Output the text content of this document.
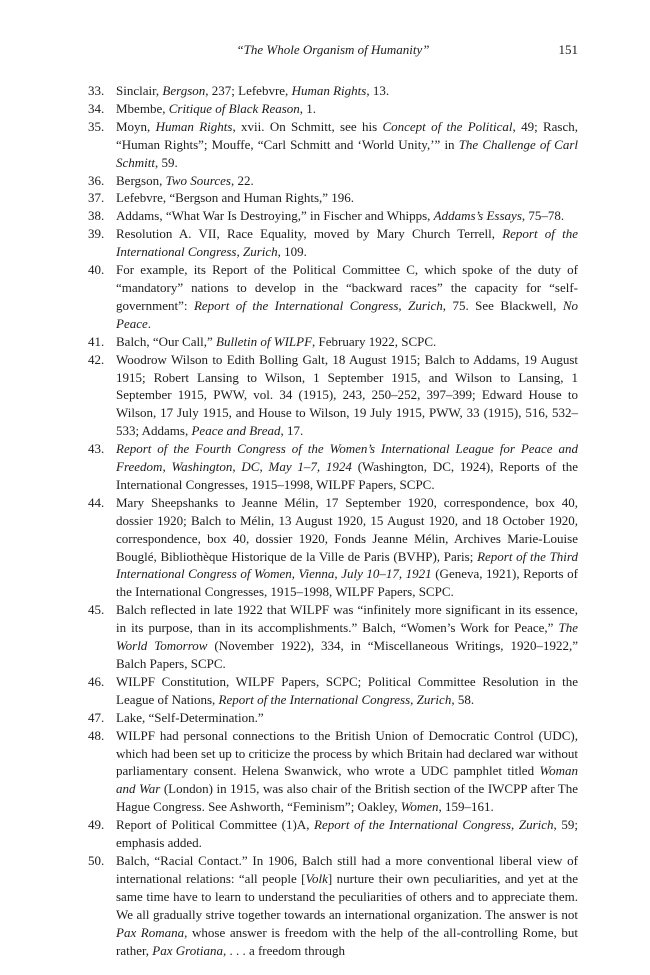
“The Whole Organism of Humanity”	151
33. Sinclair, Bergson, 237; Lefebvre, Human Rights, 13.
34. Mbembe, Critique of Black Reason, 1.
35. Moyn, Human Rights, xvii. On Schmitt, see his Concept of the Political, 49; Rasch, “Human Rights”; Mouffe, “Carl Schmitt and ‘World Unity,’” in The Challenge of Carl Schmitt, 59.
36. Bergson, Two Sources, 22.
37. Lefebvre, “Bergson and Human Rights,” 196.
38. Addams, “What War Is Destroying,” in Fischer and Whipps, Addams’s Essays, 75–78.
39. Resolution A. VII, Race Equality, moved by Mary Church Terrell, Report of the International Congress, Zurich, 109.
40. For example, its Report of the Political Committee C, which spoke of the duty of “mandatory” nations to develop in the “backward races” the capacity for “self-government”: Report of the International Congress, Zurich, 75. See Blackwell, No Peace.
41. Balch, “Our Call,” Bulletin of WILPF, February 1922, SCPC.
42. Woodrow Wilson to Edith Bolling Galt, 18 August 1915; Balch to Addams, 19 August 1915; Robert Lansing to Wilson, 1 September 1915, and Wilson to Lansing, 1 September 1915, PWW, vol. 34 (1915), 243, 250–252, 397–399; Edward House to Wilson, 17 July 1915, and House to Wilson, 19 July 1915, PWW, 33 (1915), 516, 532–533; Addams, Peace and Bread, 17.
43. Report of the Fourth Congress of the Women’s International League for Peace and Freedom, Washington, DC, May 1–7, 1924 (Washington, DC, 1924), Reports of the International Congresses, 1915–1998, WILPF Papers, SCPC.
44. Mary Sheepshanks to Jeanne Mélin, 17 September 1920, correspondence, box 40, dossier 1920; Balch to Mélin, 13 August 1920, 15 August 1920, and 18 October 1920, correspondence, box 40, dossier 1920, Fonds Jeanne Mélin, Archives Marie-Louise Bouglé, Bibliothèque Historique de la Ville de Paris (BVHP), Paris; Report of the Third International Congress of Women, Vienna, July 10–17, 1921 (Geneva, 1921), Reports of the International Congresses, 1915–1998, WILPF Papers, SCPC.
45. Balch reflected in late 1922 that WILPF was “infinitely more significant in its essence, in its purpose, than in its accomplishments.” Balch, “Women’s Work for Peace,” The World Tomorrow (November 1922), 334, in “Miscellaneous Writings, 1920–1922,” Balch Papers, SCPC.
46. WILPF Constitution, WILPF Papers, SCPC; Political Committee Resolution in the League of Nations, Report of the International Congress, Zurich, 58.
47. Lake, “Self-Determination.”
48. WILPF had personal connections to the British Union of Democratic Control (UDC), which had been set up to criticize the process by which Britain had declared war without parliamentary consent. Helena Swanwick, who wrote a UDC pamphlet titled Woman and War (London) in 1915, was also chair of the British section of the IWCPP after The Hague Congress. See Ashworth, “Feminism”; Oakley, Women, 159–161.
49. Report of Political Committee (1)A, Report of the International Congress, Zurich, 59; emphasis added.
50. Balch, “Racial Contact.” In 1906, Balch still had a more conventional liberal view of international relations: “all people [Volk] nurture their own peculiarities, and yet at the same time have to learn to understand the peculiarities of others and to appreciate them. We all gradually strive together towards an international organization. The answer is not Pax Romana, whose answer is freedom with the help of the all-controlling Rome, but rather, Pax Grotiana, . . . a freedom through
